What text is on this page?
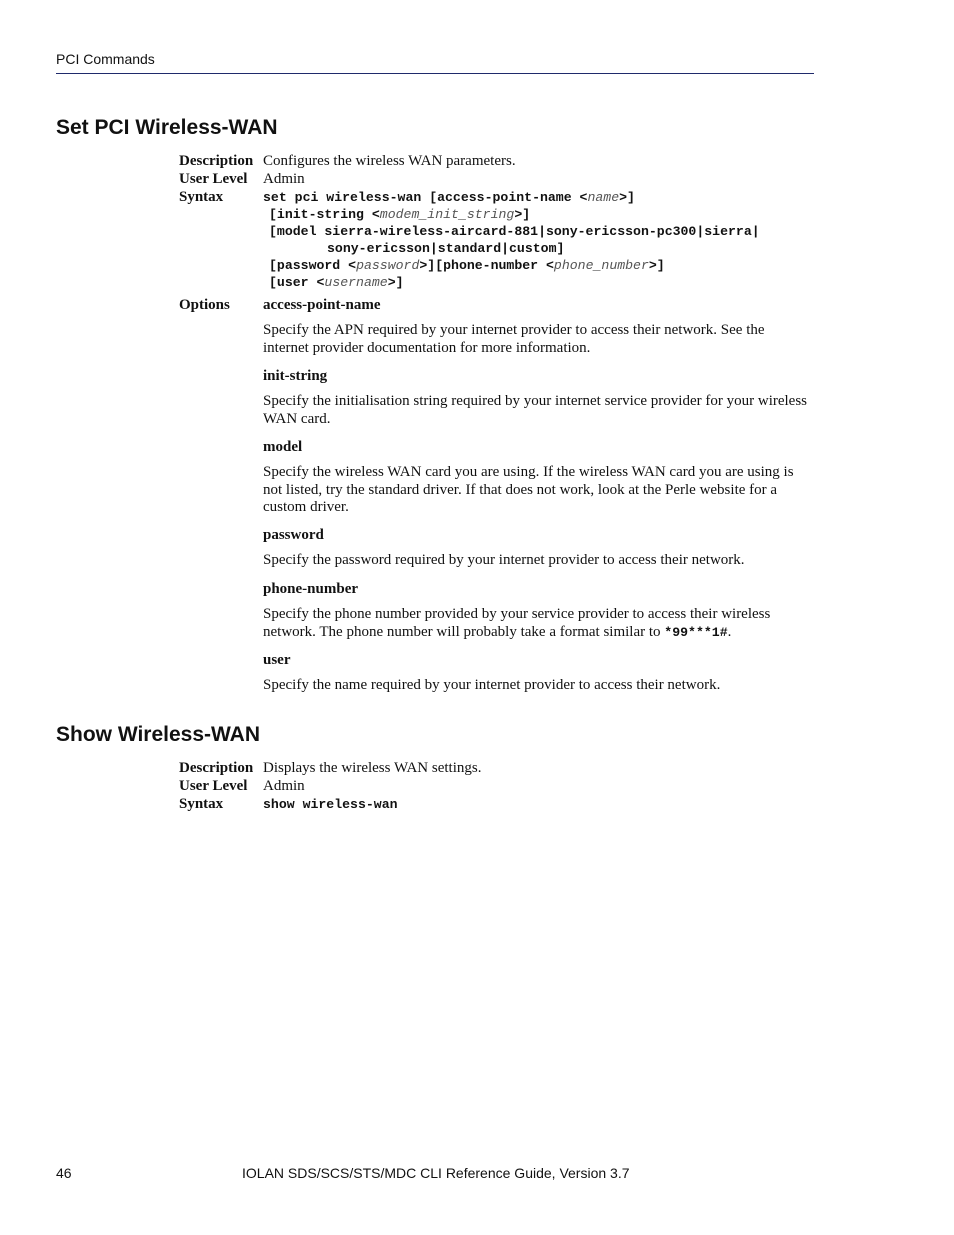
PCI Commands
Set PCI Wireless-WAN
Description Configures the wireless WAN parameters.
User Level Admin
Syntax	set pci wireless-wan [access-point-name <name>]
[init-string <modem_init_string>]
[model sierra-wireless-aircard-881|sony-ericsson-pc300|sierra|
sony-ericsson|standard|custom]
[password <password>][phone-number <phone_number>]
[user <username>]
Options access-point-name
Specify the APN required by your internet provider to access their network. See the internet provider documentation for more information.
init-string
Specify the initialisation string required by your internet service provider for your wireless WAN card.
model
Specify the wireless WAN card you are using. If the wireless WAN card you are using is not listed, try the standard driver. If that does not work, look at the Perle website for a custom driver.
password
Specify the password required by your internet provider to access their network.
phone-number
Specify the phone number provided by your service provider to access their wireless network. The phone number will probably take a format similar to *99***1#.
user
Specify the name required by your internet provider to access their network.
Show Wireless-WAN
Description Displays the wireless WAN settings.
User Level Admin
Syntax	show wireless-wan
46	IOLAN SDS/SCS/STS/MDC CLI Reference Guide, Version 3.7
